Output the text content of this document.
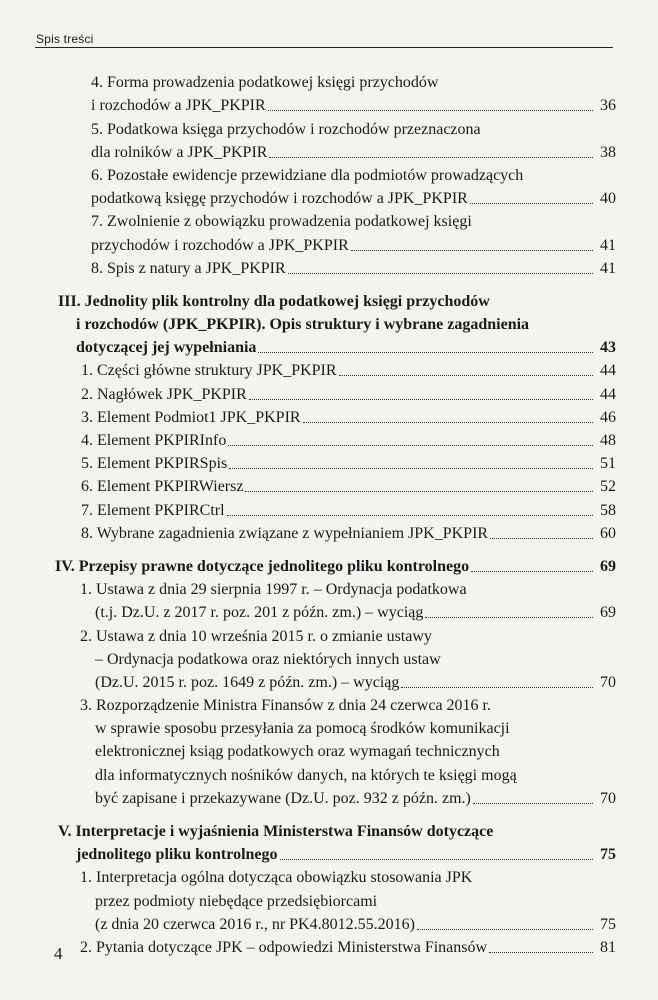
Spis treści
4. Forma prowadzenia podatkowej księgi przychodów
i rozchodów a JPK_PKPIR	36
5. Podatkowa księga przychodów i rozchodów przeznaczona
dla rolników a JPK_PKPIR	38
6. Pozostałe ewidencje przewidziane dla podmiotów prowadzących
podatkową księgę przychodów i rozchodów a JPK_PKPIR	40
7. Zwolnienie z obowiązku prowadzenia podatkowej księgi
przychodów i rozchodów a JPK_PKPIR	41
8. Spis z natury a JPK_PKPIR	41
III. Jednolity plik kontrolny dla podatkowej księgi przychodów
i rozchodów (JPK_PKPIR). Opis struktury i wybrane zagadnienia
dotyczącej jej wypełniania	43
1. Części główne struktury JPK_PKPIR	44
2. Nagłówek JPK_PKPIR	44
3. Element Podmiot1 JPK_PKPIR	46
4. Element PKPIRInfo	48
5. Element PKPIRSpis	51
6. Element PKPIRWiersz	52
7. Element PKPIRCtrl	58
8. Wybrane zagadnienia związane z wypełnianiem JPK_PKPIR	60
IV. Przepisy prawne dotyczące jednolitego pliku kontrolnego	69
1. Ustawa z dnia 29 sierpnia 1997 r. – Ordynacja podatkowa
(t.j. Dz.U. z 2017 r. poz. 201 z późn. zm.) – wyciąg	69
2. Ustawa z dnia 10 września 2015 r. o zmianie ustawy
– Ordynacja podatkowa oraz niektórych innych ustaw
(Dz.U. 2015 r. poz. 1649 z późn. zm.) – wyciąg	70
3. Rozporządzenie Ministra Finansów z dnia 24 czerwca 2016 r.
w sprawie sposobu przesyłania za pomocą środków komunikacji
elektronicznej ksiąg podatkowych oraz wymagań technicznych
dla informatycznych nośników danych, na których te księgi mogą
być zapisane i przekazywane (Dz.U. poz. 932 z późn. zm.)	70
V. Interpretacje i wyjaśnienia Ministerstwa Finansów dotyczące
jednolitego pliku kontrolnego	75
1. Interpretacja ogólna dotycząca obowiązku stosowania JPK
przez podmioty niebędące przedsiębiorcami
(z dnia 20 czerwca 2016 r., nr PK4.8012.55.2016)	75
2. Pytania dotyczące JPK – odpowiedzi Ministerstwa Finansów	81
4
